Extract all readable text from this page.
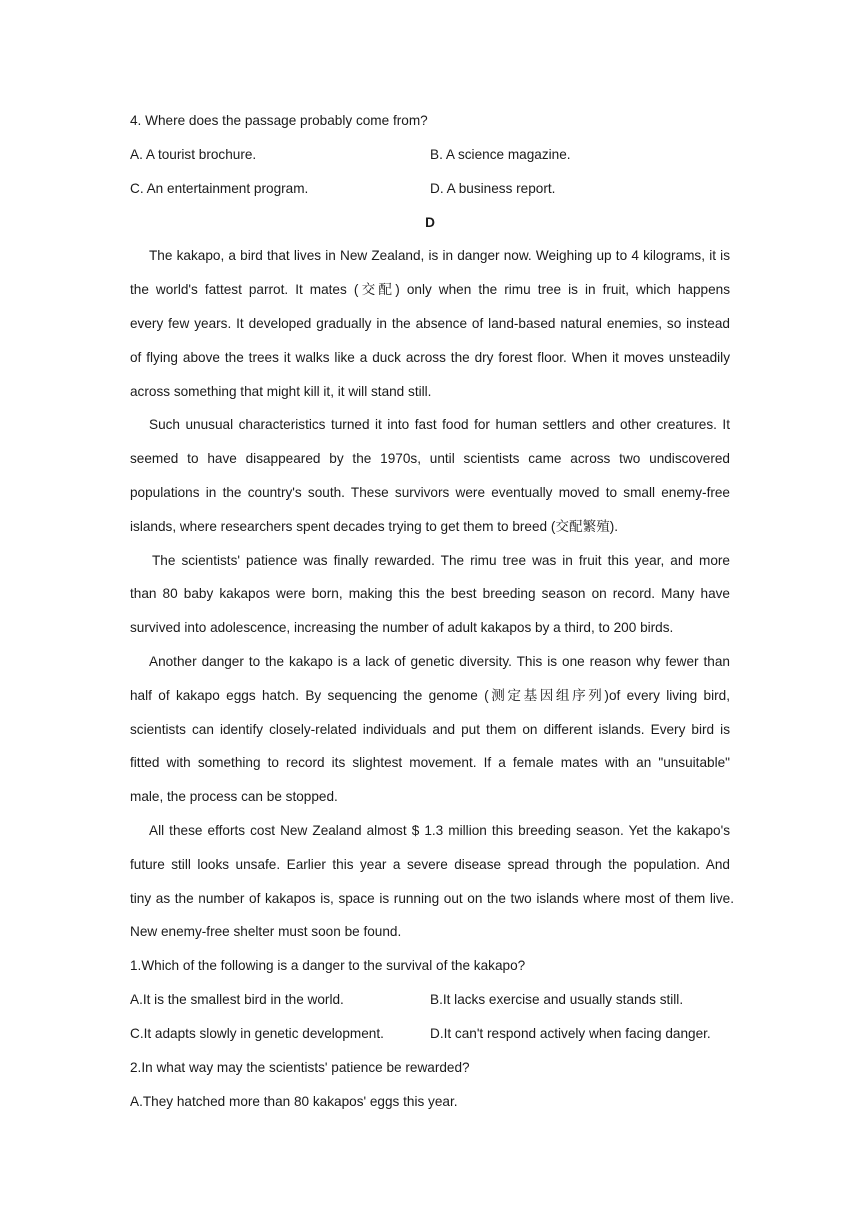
4. Where does the passage probably come from?
A. A tourist brochure.	B. A science magazine.
C. An entertainment program.	D. A business report.
D
The kakapo, a bird that lives in New Zealand, is in danger now. Weighing up to 4 kilograms, it is
the world's fattest parrot. It mates (交配) only when the rimu tree is in fruit, which happens
every few years. It developed gradually in the absence of land-based natural enemies, so instead
of flying above the trees it walks like a duck across the dry forest floor. When it moves unsteadily
across something that might kill it, it will stand still.
Such unusual characteristics turned it into fast food for human settlers and other creatures. It
seemed to have disappeared by the 1970s, until scientists came across two undiscovered
populations in the country's south. These survivors were eventually moved to small enemy-free
islands, where researchers spent decades trying to get them to breed (交配繁殖).
The scientists' patience was finally rewarded. The rimu tree was in fruit this year, and more
than 80 baby kakapos were born, making this the best breeding season on record. Many have
survived into adolescence, increasing the number of adult kakapos by a third, to 200 birds.
Another danger to the kakapo is a lack of genetic diversity. This is one reason why fewer than
half of kakapo eggs hatch. By sequencing the genome (测定基因组序列)of every living bird,
scientists can identify closely-related individuals and put them on different islands. Every bird is
fitted with something to record its slightest movement. If a female mates with an "unsuitable"
male, the process can be stopped.
All these efforts cost New Zealand almost $ 1.3 million this breeding season. Yet the kakapo's
future still looks unsafe. Earlier this year a severe disease spread through the population. And
tiny as the number of kakapos is, space is running out on the two islands where most of them live.
New enemy-free shelter must soon be found.
1.Which of the following is a danger to the survival of the kakapo?
A.It is the smallest bird in the world.	B.It lacks exercise and usually stands still.
C.It adapts slowly in genetic development.	D.It can't respond actively when facing danger.
2.In what way may the scientists' patience be rewarded?
A.They hatched more than 80 kakapos' eggs this year.
